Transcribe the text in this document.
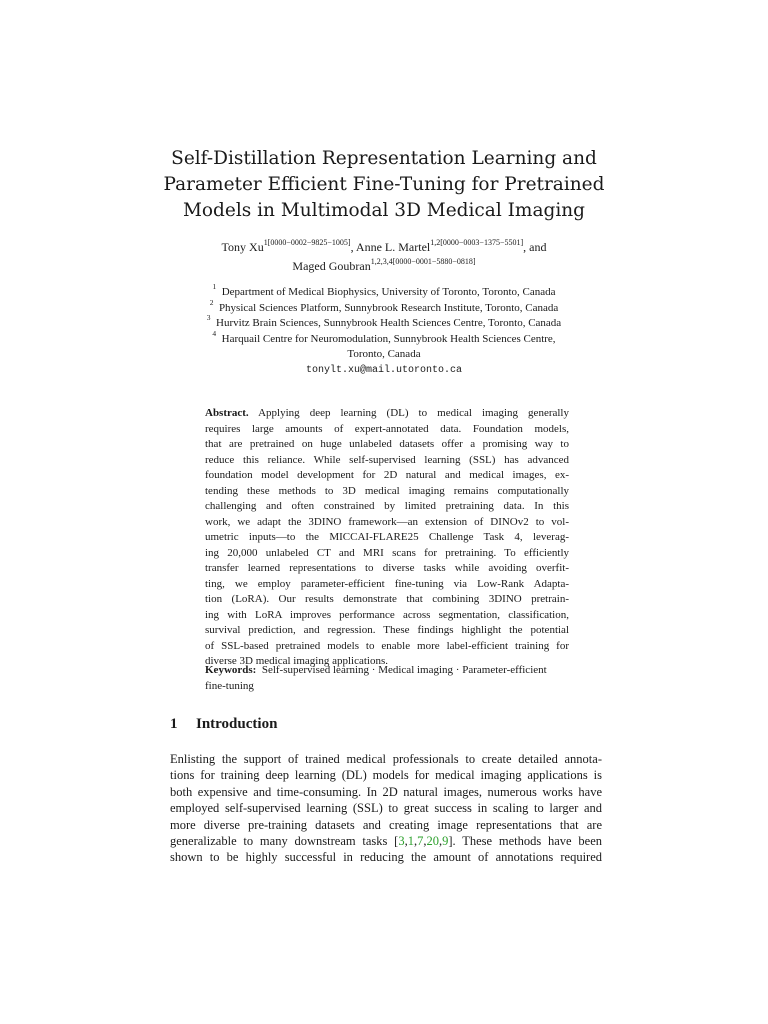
Self-Distillation Representation Learning and
Parameter Efficient Fine-Tuning for Pretrained
Models in Multimodal 3D Medical Imaging
Tony $Xu^{1[0000-0002-9825-1005]}$, Anne L. Martel$^{1,2[0000-0003-1375-5501]}$, and
Maged Goubran$^{1,2,3,4[0000-0001-5880-0818]}$
$^1$ Department of Medical Biophysics, University of Toronto, Toronto, Canada
$^2$ Physical Sciences Platform, Sunnybrook Research Institute, Toronto, Canada
$^3$ Hurvitz Brain Sciences, Sunnybrook Health Sciences Centre, Toronto, Canada
$^4$ Harquail Centre for Neuromodulation, Sunnybrook Health Sciences Centre,
Toronto, Canada
tonylt.xu@mail.utoronto.ca
Abstract. Applying deep learning (DL) to medical imaging generally
requires large amounts of expert-annotated data. Foundation models,
that are pretrained on huge unlabeled datasets offer a promising way to
reduce this reliance. While self-supervised learning (SSL) has advanced
foundation model development for 2D natural and medical images, ex-
tending these methods to 3D medical imaging remains computationally
challenging and often constrained by limited pretraining data. In this
work, we adapt the 3DINO framework—an extension of DINOv2 to vol-
umetric inputs—to the MICCAI-FLARE25 Challenge Task 4, leverag-
ing 20,000 unlabeled CT and MRI scans for pretraining. To efficiently
transfer learned representations to diverse tasks while avoiding overfit-
ting, we employ parameter-efficient fine-tuning via Low-Rank Adapta-
tion (LoRA). Our results demonstrate that combining 3DINO pretrain-
ing with LoRA improves performance across segmentation, classification,
survival prediction, and regression. These findings highlight the potential
of SSL-based pretrained models to enable more label-efficient training for
diverse 3D medical imaging applications.
Keywords: Self-supervised learning · Medical imaging · Parameter-efficient
fine-tuning
1 Introduction
Enlisting the support of trained medical professionals to create detailed annota-
tions for training deep learning (DL) models for medical imaging applications is
both expensive and time-consuming. In 2D natural images, numerous works have
employed self-supervised learning (SSL) to great success in scaling to larger and
more diverse pre-training datasets and creating image representations that are
generalizable to many downstream tasks [3,1,7,20,9]. These methods have been
shown to be highly successful in reducing the amount of annotations required
